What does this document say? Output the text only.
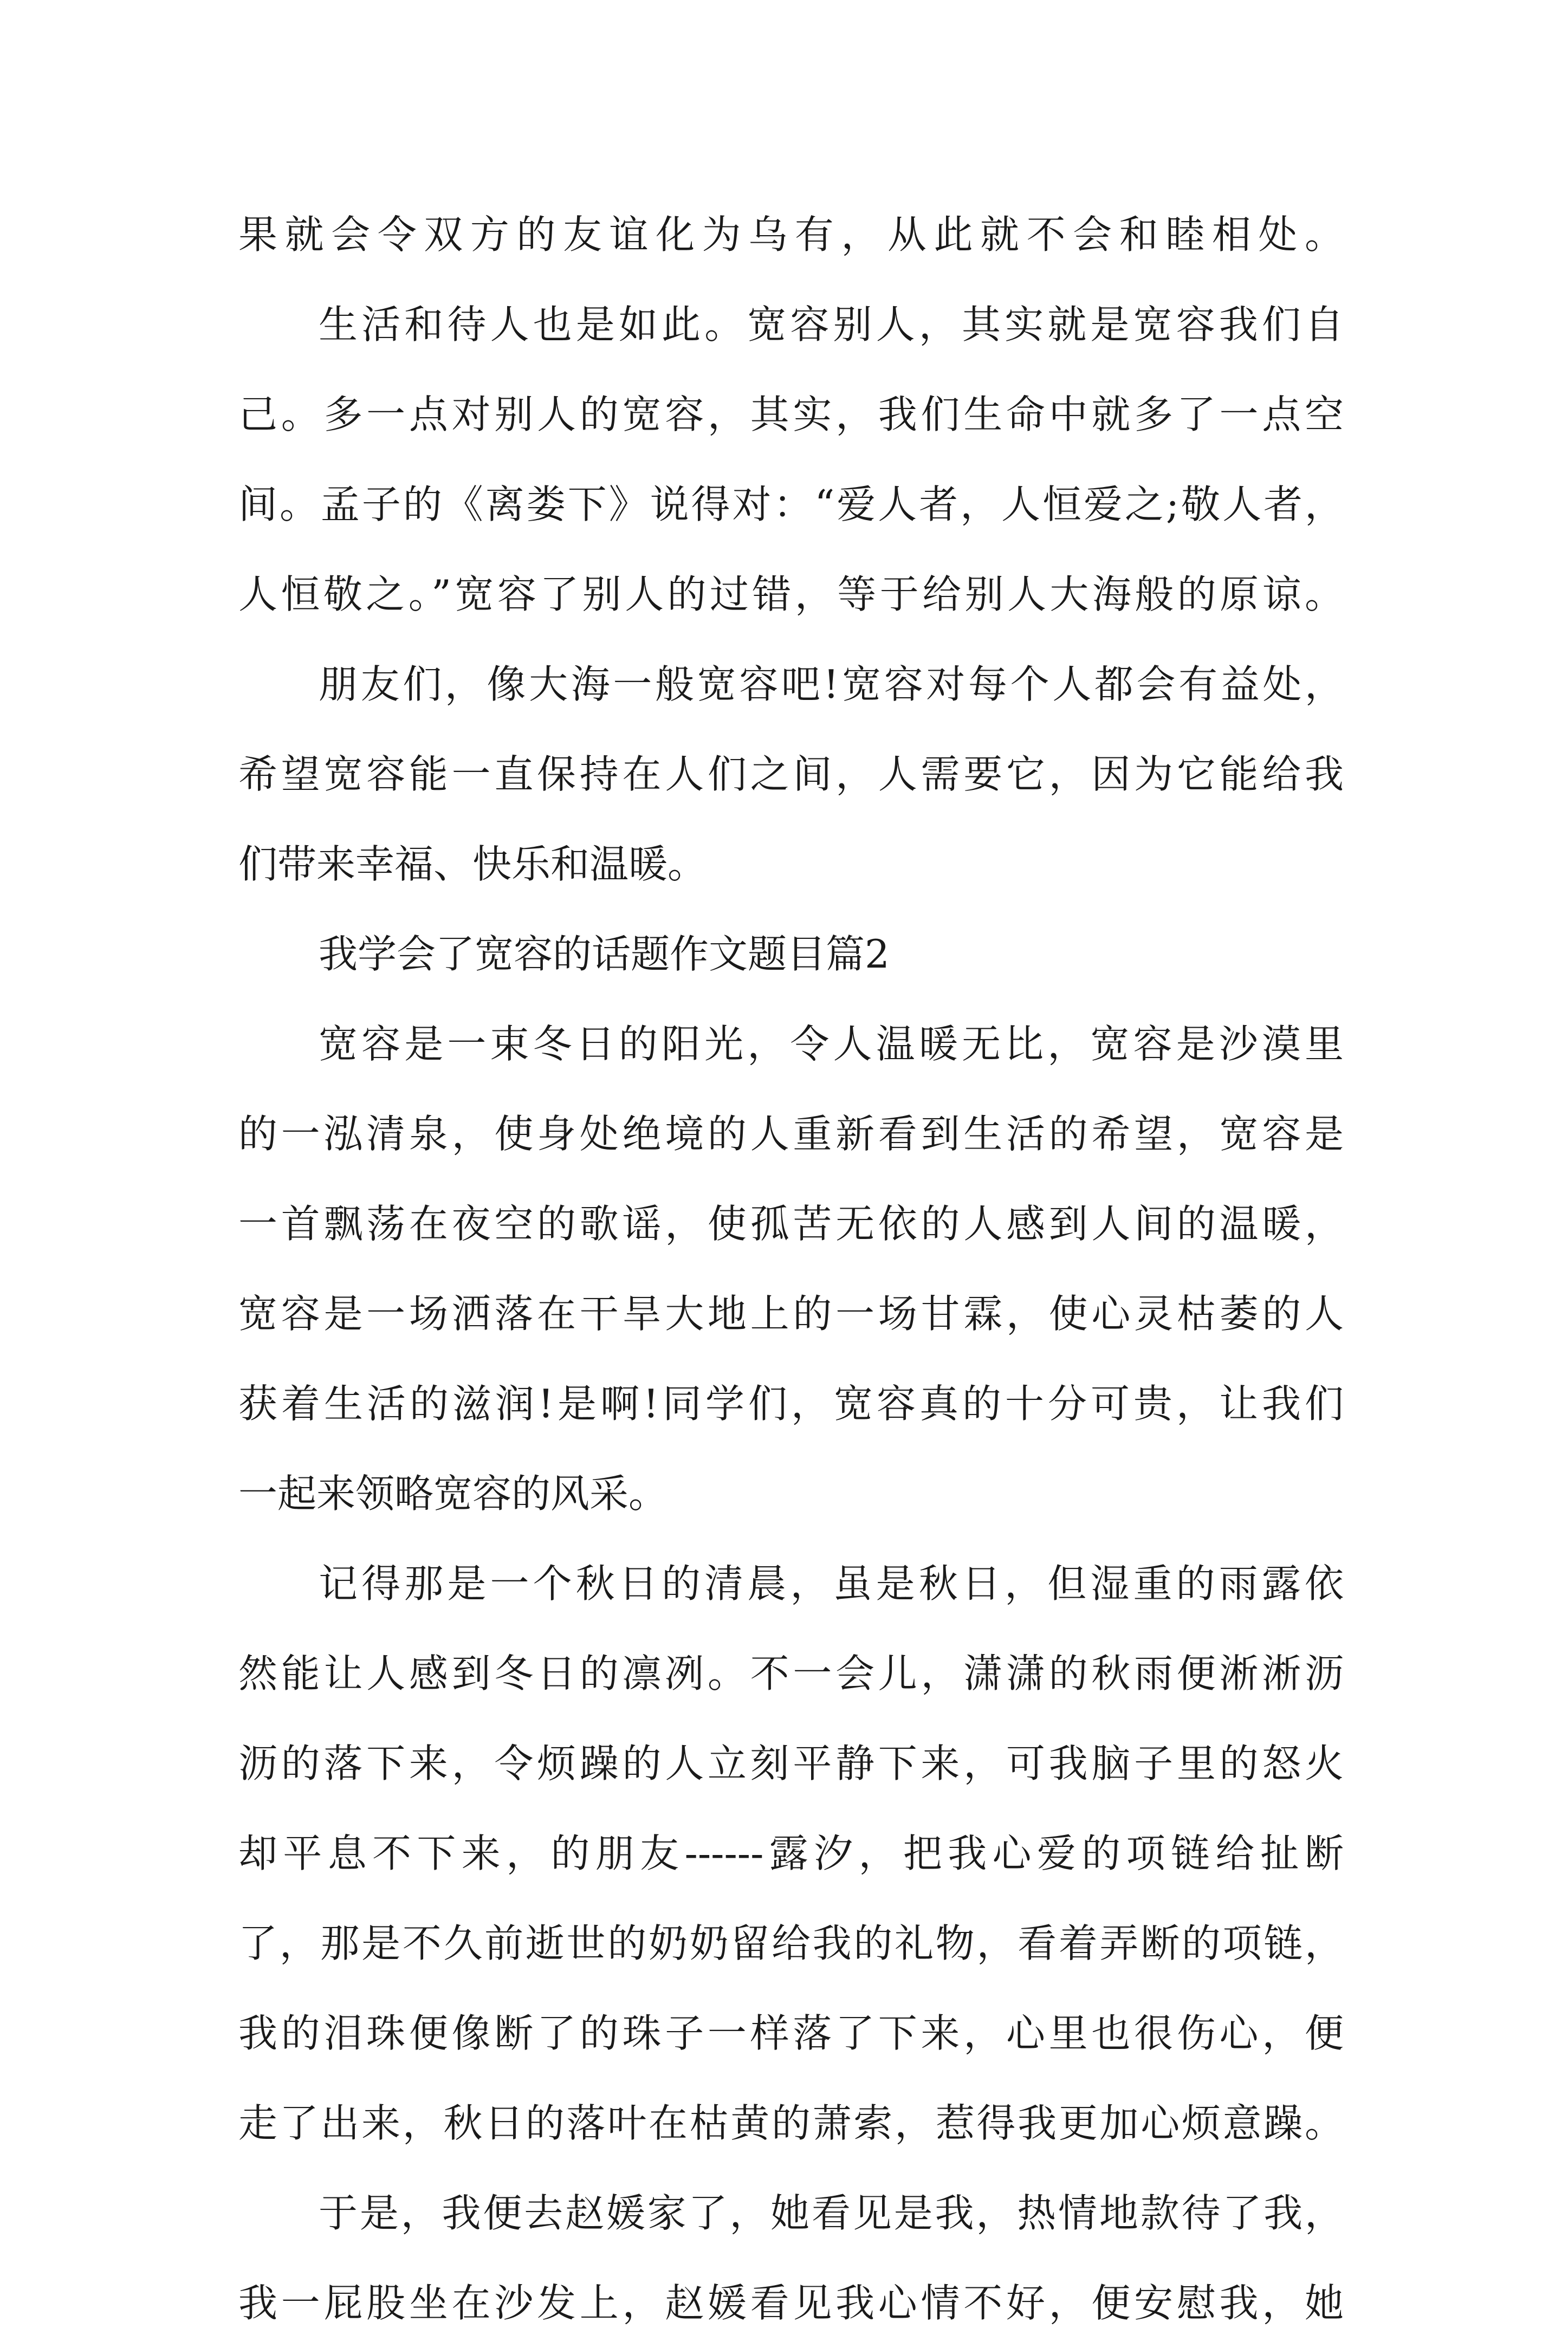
果就会令双方的友谊化为乌有，从此就不会和睦相处。
生活和待人也是如此。宽容别人，其实就是宽容我们自
己。多一点对别人的宽容，其实，我们生命中就多了一点空
间。孟子的《离娄下》说得对：“爱人者，人恒爱之;敬人者，
人恒敬之。”宽容了别人的过错，等于给别人大海般的原谅。
朋友们，像大海一般宽容吧!宽容对每个人都会有益处，
希望宽容能一直保持在人们之间，人需要它，因为它能给我
们带来幸福、快乐和温暖。
我学会了宽容的话题作文题目篇2
宽容是一束冬日的阳光，令人温暖无比，宽容是沙漠里
的一泓清泉，使身处绝境的人重新看到生活的希望，宽容是
一首飘荡在夜空的歌谣，使孤苦无依的人感到人间的温暖，
宽容是一场洒落在干旱大地上的一场甘霖，使心灵枯萎的人
获着生活的滋润!是啊!同学们，宽容真的十分可贵，让我们
一起来领略宽容的风采。
记得那是一个秋日的清晨，虽是秋日，但湿重的雨露依
然能让人感到冬日的凛冽。不一会儿，潇潇的秋雨便淅淅沥
沥的落下来，令烦躁的人立刻平静下来，可我脑子里的怒火
却平息不下来，的朋友------露汐，把我心爱的项链给扯断
了，那是不久前逝世的奶奶留给我的礼物，看着弄断的项链，
我的泪珠便像断了的珠子一样落了下来，心里也很伤心，便
走了出来，秋日的落叶在枯黄的萧索，惹得我更加心烦意躁。
于是，我便去赵媛家了，她看见是我，热情地款待了我，
我一屁股坐在沙发上，赵媛看见我心情不好，便安慰我，她
